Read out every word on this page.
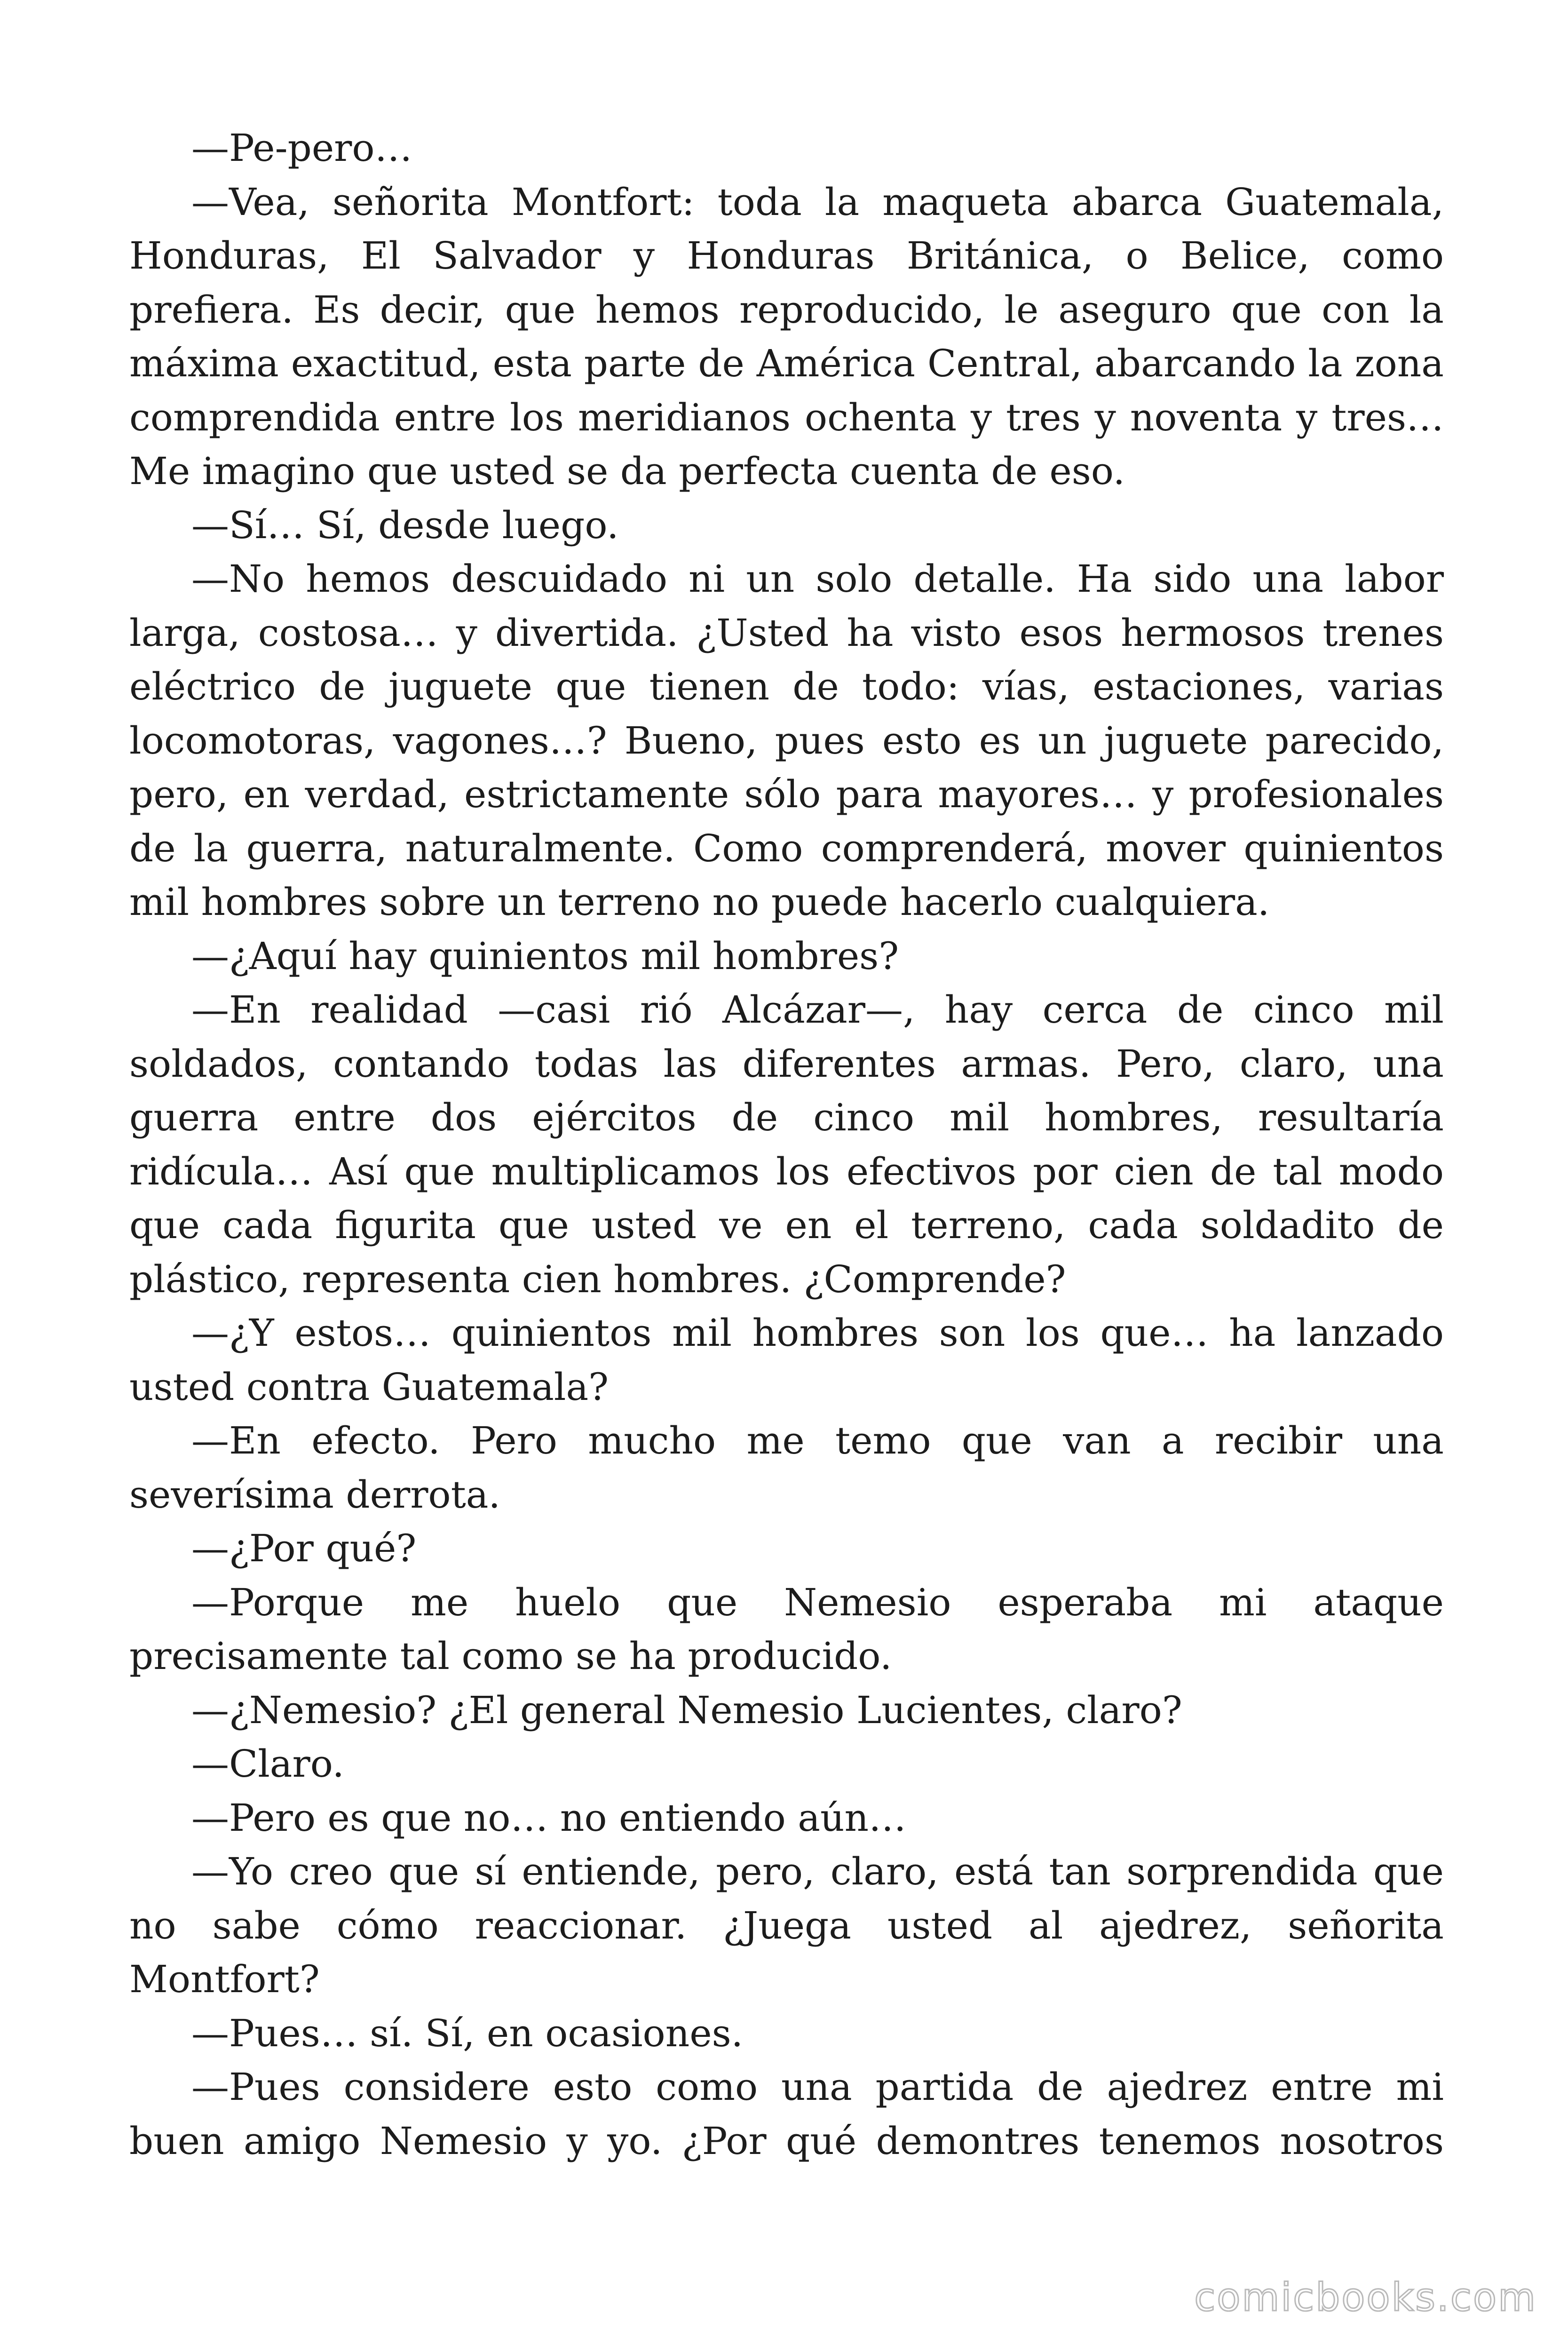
—Pe-pero…
—Vea, señorita Montfort: toda la maqueta abarca Guatemala,
Honduras, El Salvador y Honduras Británica, o Belice, como
prefiera. Es decir, que hemos reproducido, le aseguro que con la
máxima exactitud, esta parte de América Central, abarcando la zona
comprendida entre los meridianos ochenta y tres y noventa y tres…
Me imagino que usted se da perfecta cuenta de eso.
—Sí… Sí, desde luego.
—No hemos descuidado ni un solo detalle. Ha sido una labor
larga, costosa… y divertida. ¿Usted ha visto esos hermosos trenes
eléctrico de juguete que tienen de todo: vías, estaciones, varias
locomotoras, vagones…? Bueno, pues esto es un juguete parecido,
pero, en verdad, estrictamente sólo para mayores… y profesionales
de la guerra, naturalmente. Como comprenderá, mover quinientos
mil hombres sobre un terreno no puede hacerlo cualquiera.
—¿Aquí hay quinientos mil hombres?
—En realidad —casi rió Alcázar—, hay cerca de cinco mil
soldados, contando todas las diferentes armas. Pero, claro, una
guerra entre dos ejércitos de cinco mil hombres, resultaría
ridícula… Así que multiplicamos los efectivos por cien de tal modo
que cada figurita que usted ve en el terreno, cada soldadito de
plástico, representa cien hombres. ¿Comprende?
—¿Y estos… quinientos mil hombres son los que… ha lanzado
usted contra Guatemala?
—En efecto. Pero mucho me temo que van a recibir una
severísima derrota.
—¿Por qué?
—Porque me huelo que Nemesio esperaba mi ataque
precisamente tal como se ha producido.
—¿Nemesio? ¿El general Nemesio Lucientes, claro?
—Claro.
—Pero es que no… no entiendo aún…
—Yo creo que sí entiende, pero, claro, está tan sorprendida que
no sabe cómo reaccionar. ¿Juega usted al ajedrez, señorita
Montfort?
—Pues… sí. Sí, en ocasiones.
—Pues considere esto como una partida de ajedrez entre mi
buen amigo Nemesio y yo. ¿Por qué demontres tenemos nosotros
comicbooks.com
